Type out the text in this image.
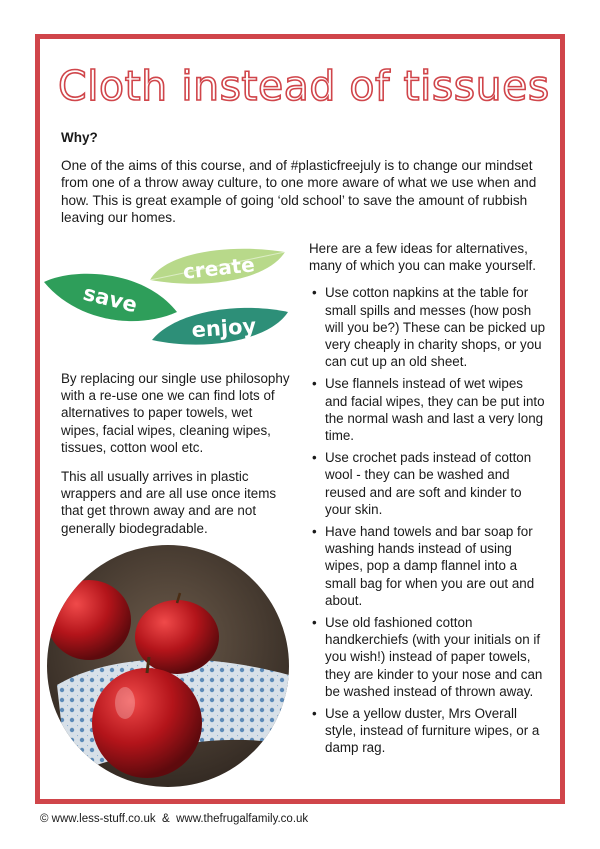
Cloth instead of tissues
Why?

One of the aims of this course, and of #plasticfreejuly is to change our mindset from one of a throw away culture, to one more aware of what we use when and how. This is great example of going ‘old school’ to save the amount of rubbish leaving our homes.

create
save
enjoy

By replacing our single use philosophy with a re-use one we can find lots of alternatives to paper towels, wet wipes, facial wipes, cleaning wipes, tissues, cotton wool etc.

This all usually arrives in plastic wrappers and are all use once items that get thrown away and are not generally biodegradable.

Here are a few ideas for alternatives, many of which you can make yourself.

• Use cotton napkins at the table for small spills and messes (how posh will you be?) These can be picked up very cheaply in charity shops, or you can cut up an old sheet.
• Use flannels instead of wet wipes and facial wipes, they can be put into the normal wash and last a very long time.
• Use crochet pads instead of cotton wool - they can be washed and reused and are soft and kinder to your skin.
• Have hand towels and bar soap for washing hands instead of using wipes, pop a damp flannel into a small bag for when you are out and about.
• Use old fashioned cotton handkerchiefs (with your initials on if you wish!) instead of paper towels, they are kinder to your nose and can be washed instead of thrown away.
• Use a yellow duster, Mrs Overall style, instead of furniture wipes, or a damp rag.
© www.less-stuff.co.uk  &  www.thefrugalfamily.co.uk
